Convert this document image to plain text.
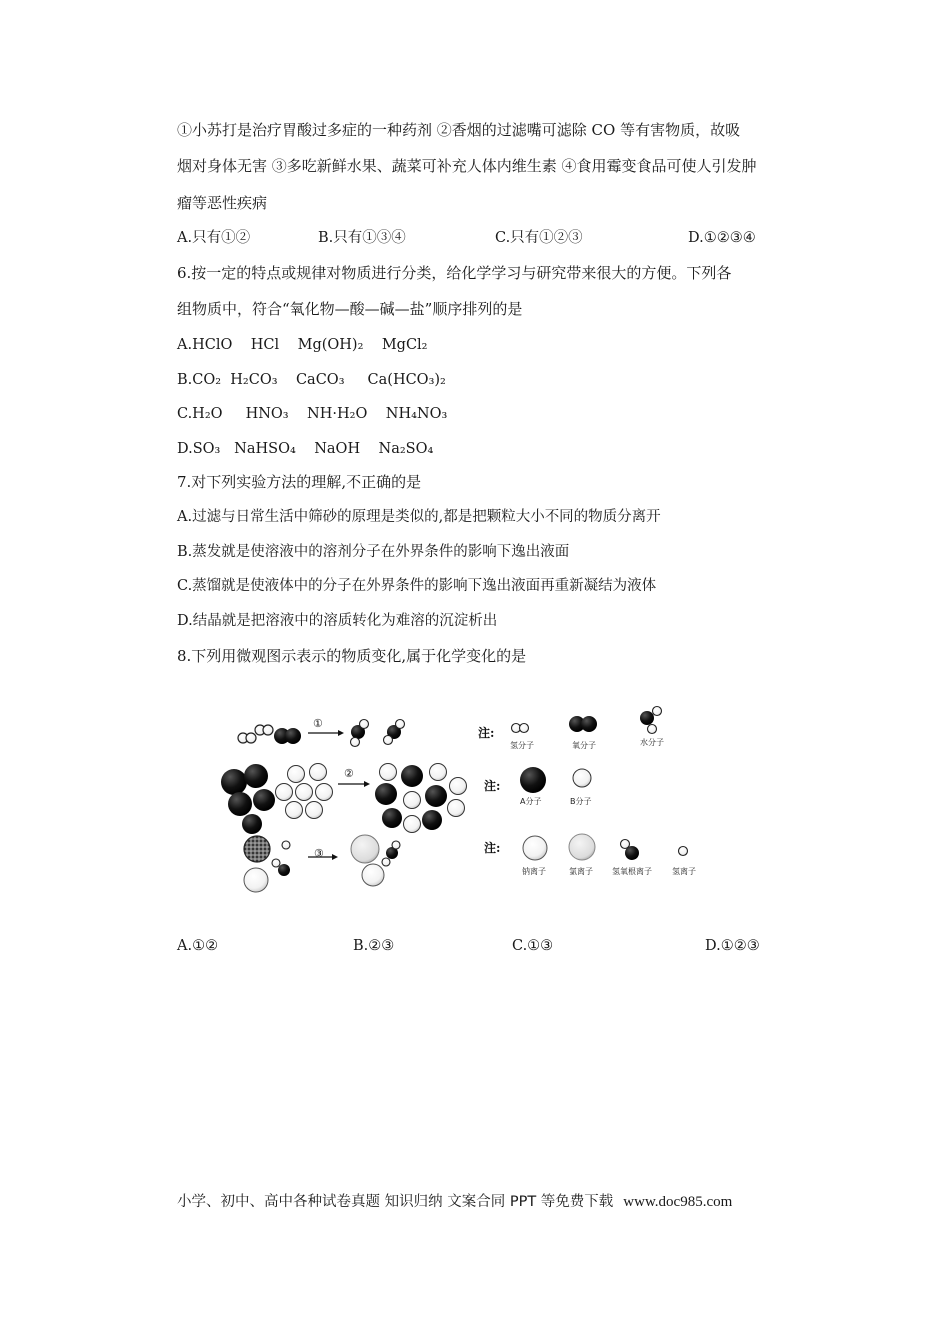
①小苏打是治疗胃酸过多症的一种药剂 ②香烟的过滤嘴可滤除 CO 等有害物质，故吸
烟对身体无害 ③多吃新鲜水果、蔬菜可补充人体内维生素 ④食用霉变食品可使人引发肿
瘤等恶性疾病
A.只有①②	B.只有①③④	C.只有①②③	D.①②③④
6.按一定的特点或规律对物质进行分类，给化学学习与研究带来很大的方便。下列各
组物质中，符合“氧化物—酸—碱—盐”顺序排列的是
A.HClO    HCl    Mg(OH)₂    MgCl₂
B.CO₂  H₂CO₃    CaCO₃     Ca(HCO₃)₂
C.H₂O     HNO₃    NH·H₂O    NH₄NO₃
D.SO₃   NaHSO₄    NaOH    Na₂SO₄
7.对下列实验方法的理解,不正确的是
A.过滤与日常生活中筛砂的原理是类似的,都是把颗粒大小不同的物质分离开
B.蒸发就是使溶液中的溶剂分子在外界条件的影响下逸出液面
C.蒸馏就是使液体中的分子在外界条件的影响下逸出液面再重新凝结为液体
D.结晶就是把溶液中的溶质转化为难溶的沉淀析出
8.下列用微观图示表示的物质变化,属于化学变化的是
①
②
③
注:
氢分子	氧分子	水分子
注:
A分子	B分子
注:
钠离子	氯离子 氢氧根离子	氢离子
A.①②	B.②③	C.①③	D.①②③
小学、初中、高中各种试卷真题 知识归纳 文案合同 PPT 等免费下载 www.doc985.com
